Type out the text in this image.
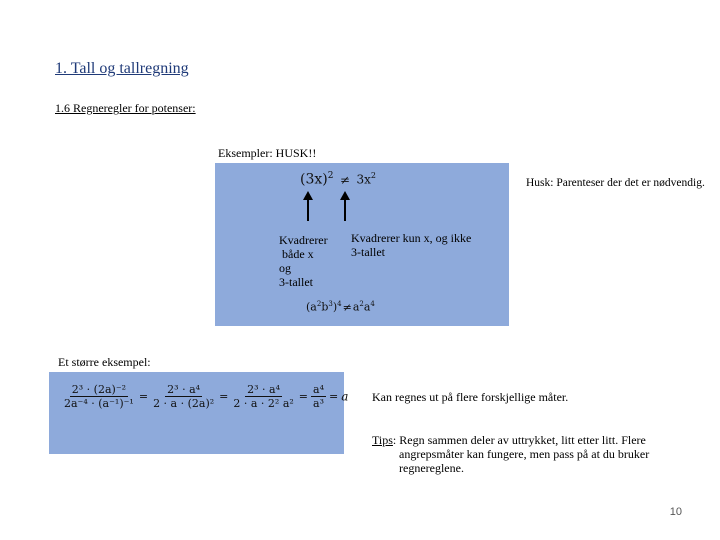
1. Tall og tallregning
1.6 Regneregler for potenser:
Eksempler: HUSK!!
Husk: Parenteser der det er nødvendig.
$(3x)^2 \ne 3x^2$
Kvadrerer
både x
og
3-tallet
Kvadrerer kun x, og ikke
3-tallet
$(a^2b^3)^4\ne a^2a^4$
Et større eksempel:
$\frac{\text{2³ · (2a)⁻²}}{\text{2a⁻⁴ · (a⁻¹)⁻¹}} = \frac{\text{2³ · a⁴}}{\text{2 · a · (2a)²}} = \frac{\text{2³ · a⁴}}{\text{2 · a · 2² a²}} = \frac{\text{a⁴}}{\text{a³}} = a$ Kan regnes ut på flere forskjellige måter.
Tips: Regn sammen deler av uttrykket, litt etter litt. Flere
angrepsmåter kan fungere, men pass på at du bruker
regnereglene.
10
